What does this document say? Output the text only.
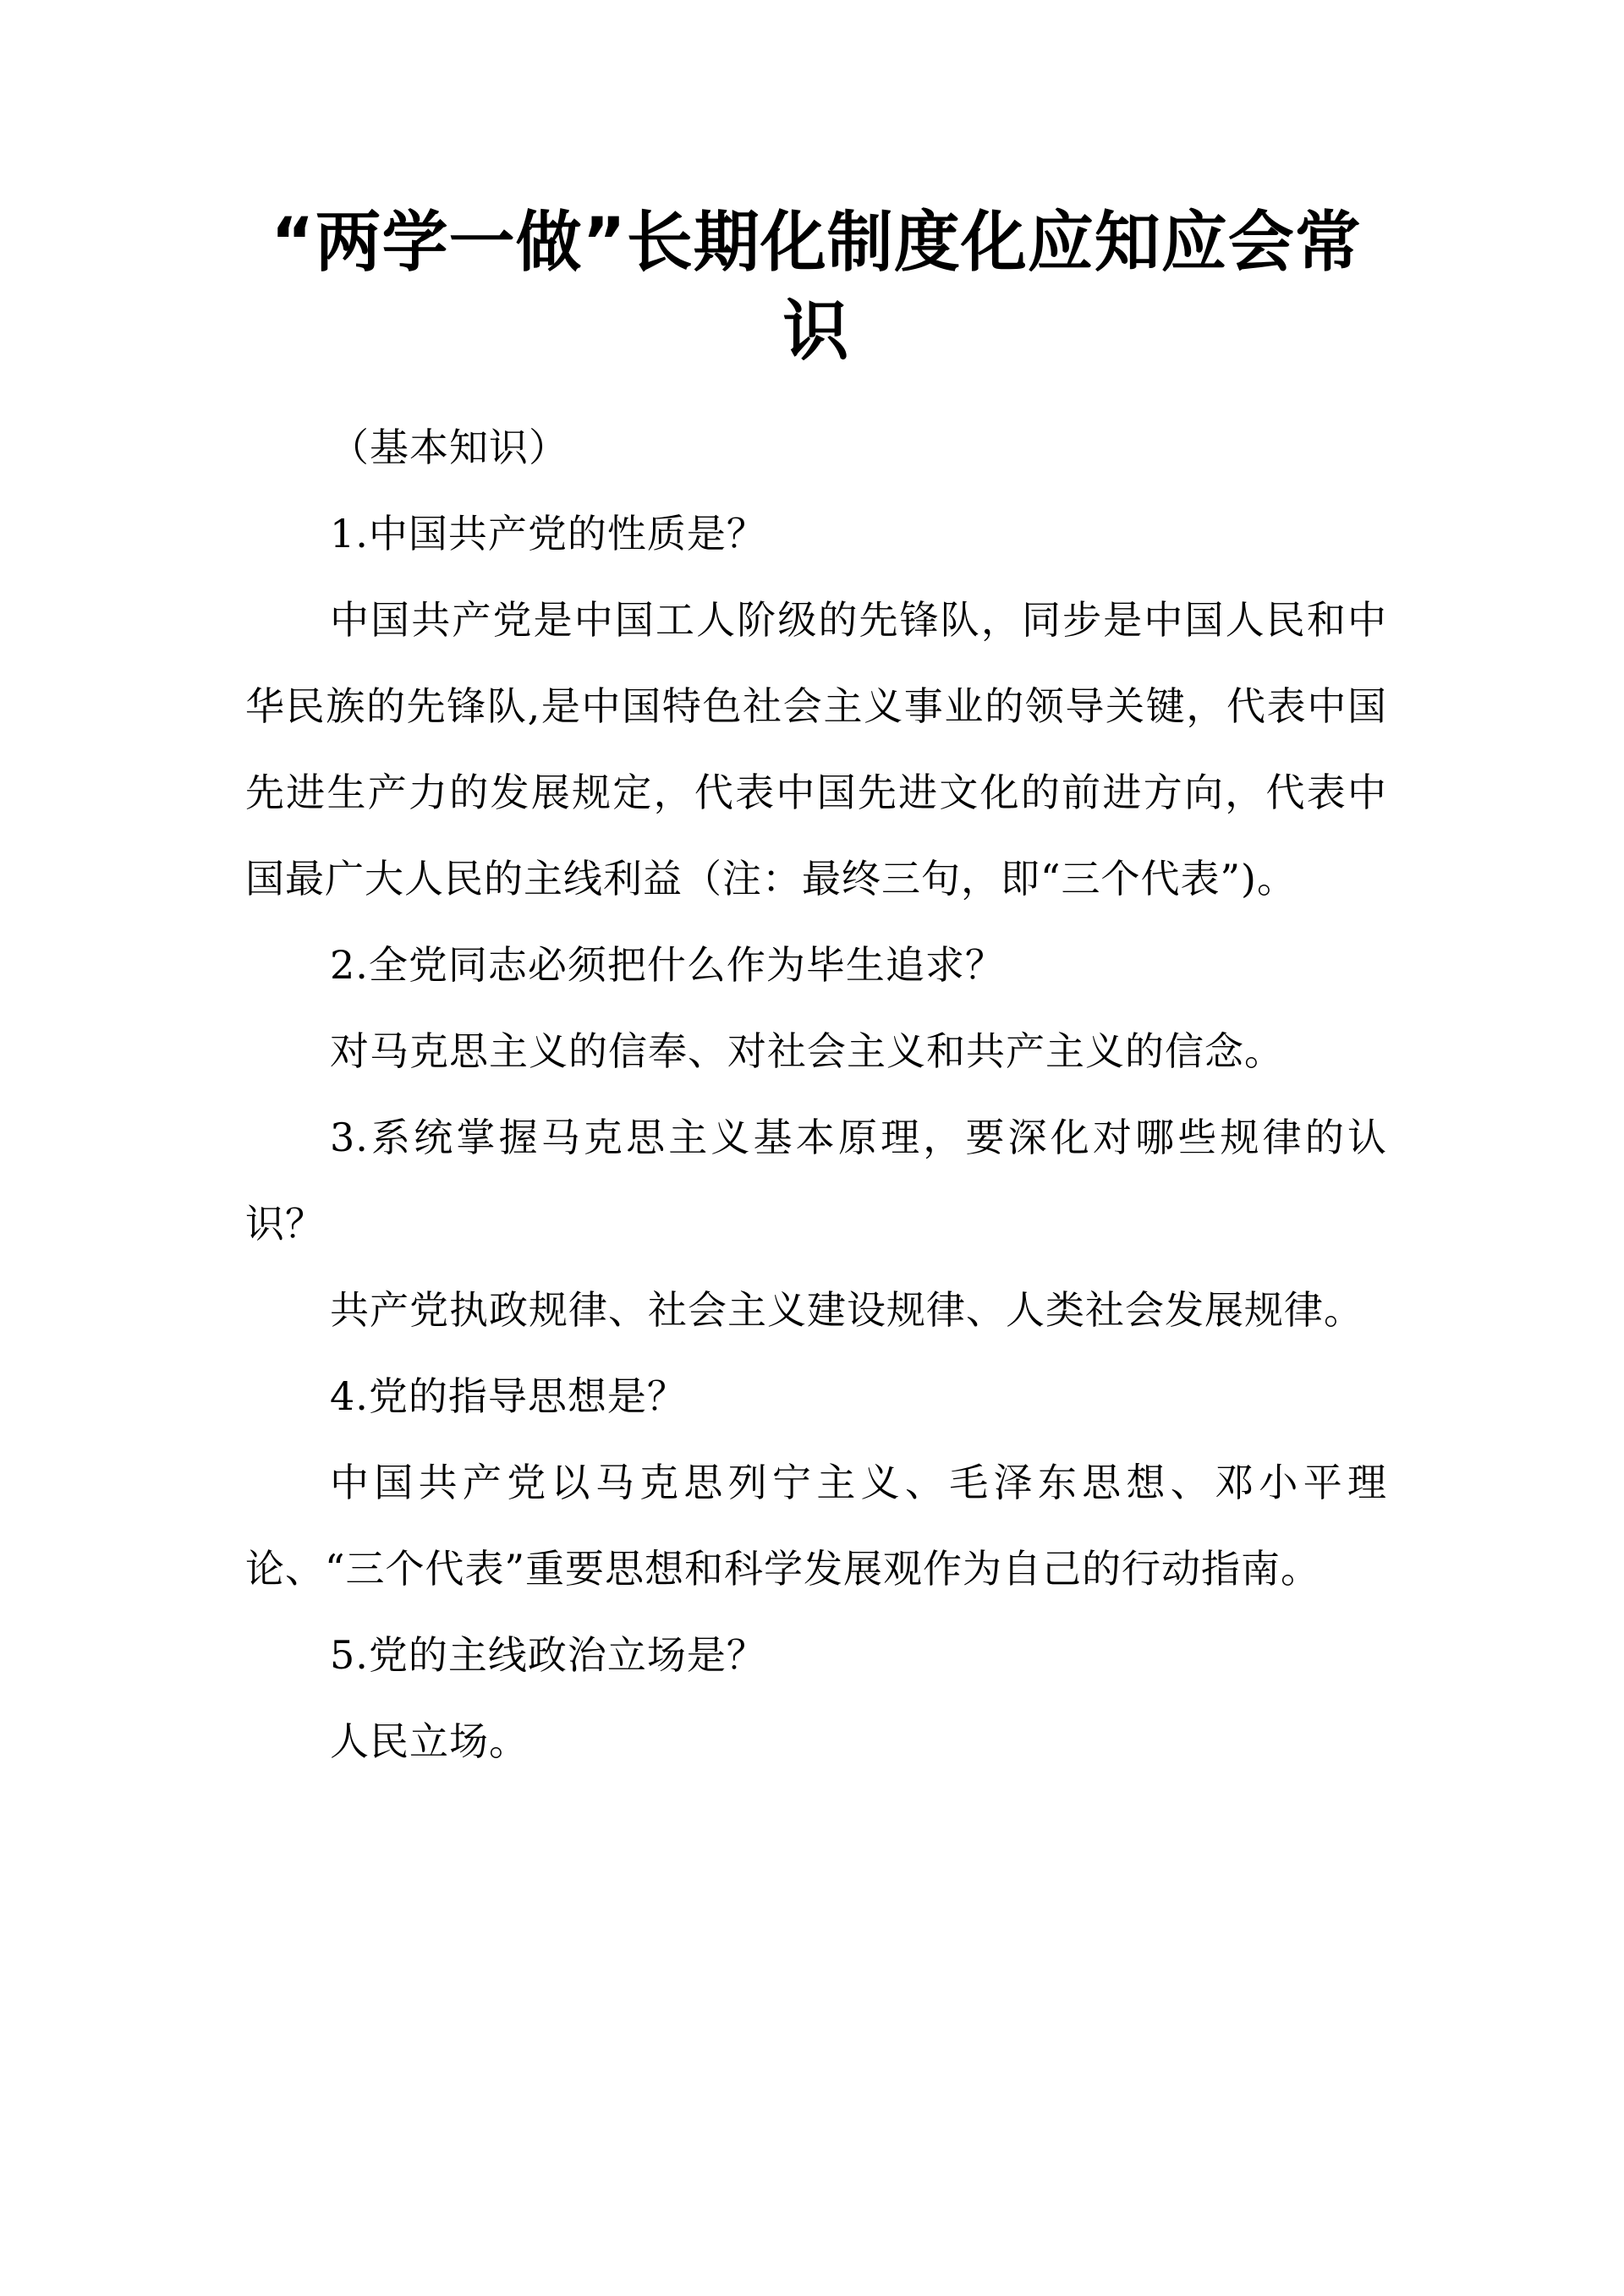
“两学一做”长期化制度化应知应会常识

（基本知识）

1.中国共产党的性质是？

中国共产党是中国工人阶级的先锋队，同步是中国人民和中华民族的先锋队,是中国特色社会主义事业的领导关键，代表中国先进生产力的发展规定，代表中国先进文化的前进方向，代表中国最广大人民的主线利益（注：最终三句，即“三个代表”)。

2.全党同志必须把什么作为毕生追求？

对马克思主义的信奉、对社会主义和共产主义的信念。

3.系统掌握马克思主义基本原理，要深化对哪些规律的认识？

共产党执政规律、社会主义建设规律、人类社会发展规律。

4.党的指导思想是？

中国共产党以马克思列宁主义、毛泽东思想、邓小平理论、“三个代表”重要思想和科学发展观作为自己的行动指南。

5.党的主线政治立场是？

人民立场。
